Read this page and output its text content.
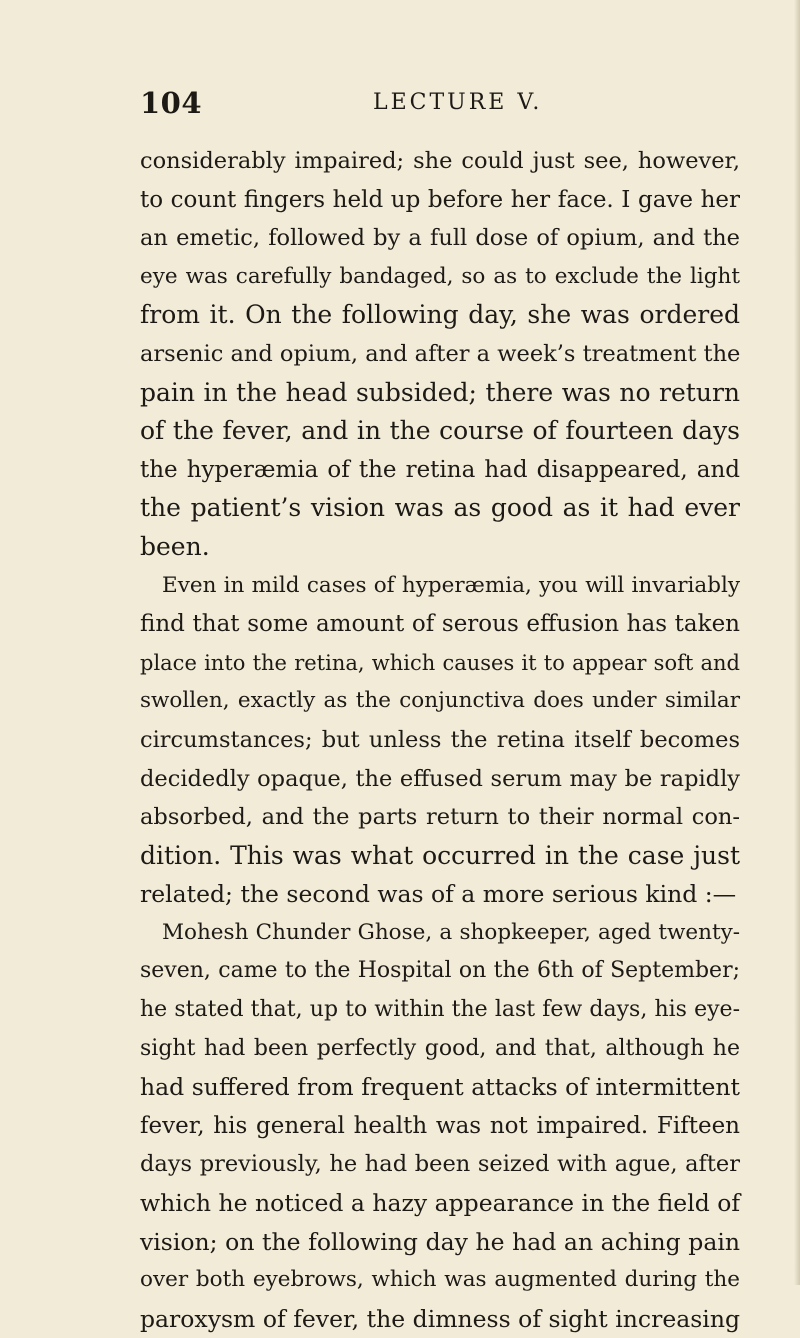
104	LECTURE V.
considerably impaired; she could just see, however,
to count fingers held up before her face. I gave her
an emetic, followed by a full dose of opium, and the
eye was carefully bandaged, so as to exclude the light
from it. On the following day, she was ordered
arsenic and opium, and after a week’s treatment the
pain in the head subsided; there was no return
of the fever, and in the course of fourteen days
the hyperæmia of the retina had disappeared, and
the patient’s vision was as good as it had ever
been.
Even in mild cases of hyperæmia, you will invariably
find that some amount of serous effusion has taken
place into the retina, which causes it to appear soft and
swollen, exactly as the conjunctiva does under similar
circumstances; but unless the retina itself becomes
decidedly opaque, the effused serum may be rapidly
absorbed, and the parts return to their normal con-
dition. This was what occurred in the case just
related; the second was of a more serious kind :—
Mohesh Chunder Ghose, a shopkeeper, aged twenty-
seven, came to the Hospital on the 6th of September;
he stated that, up to within the last few days, his eye-
sight had been perfectly good, and that, although he
had suffered from frequent attacks of intermittent
fever, his general health was not impaired. Fifteen
days previously, he had been seized with ague, after
which he noticed a hazy appearance in the field of
vision; on the following day he had an aching pain
over both eyebrows, which was augmented during the
paroxysm of fever, the dimness of sight increasing
